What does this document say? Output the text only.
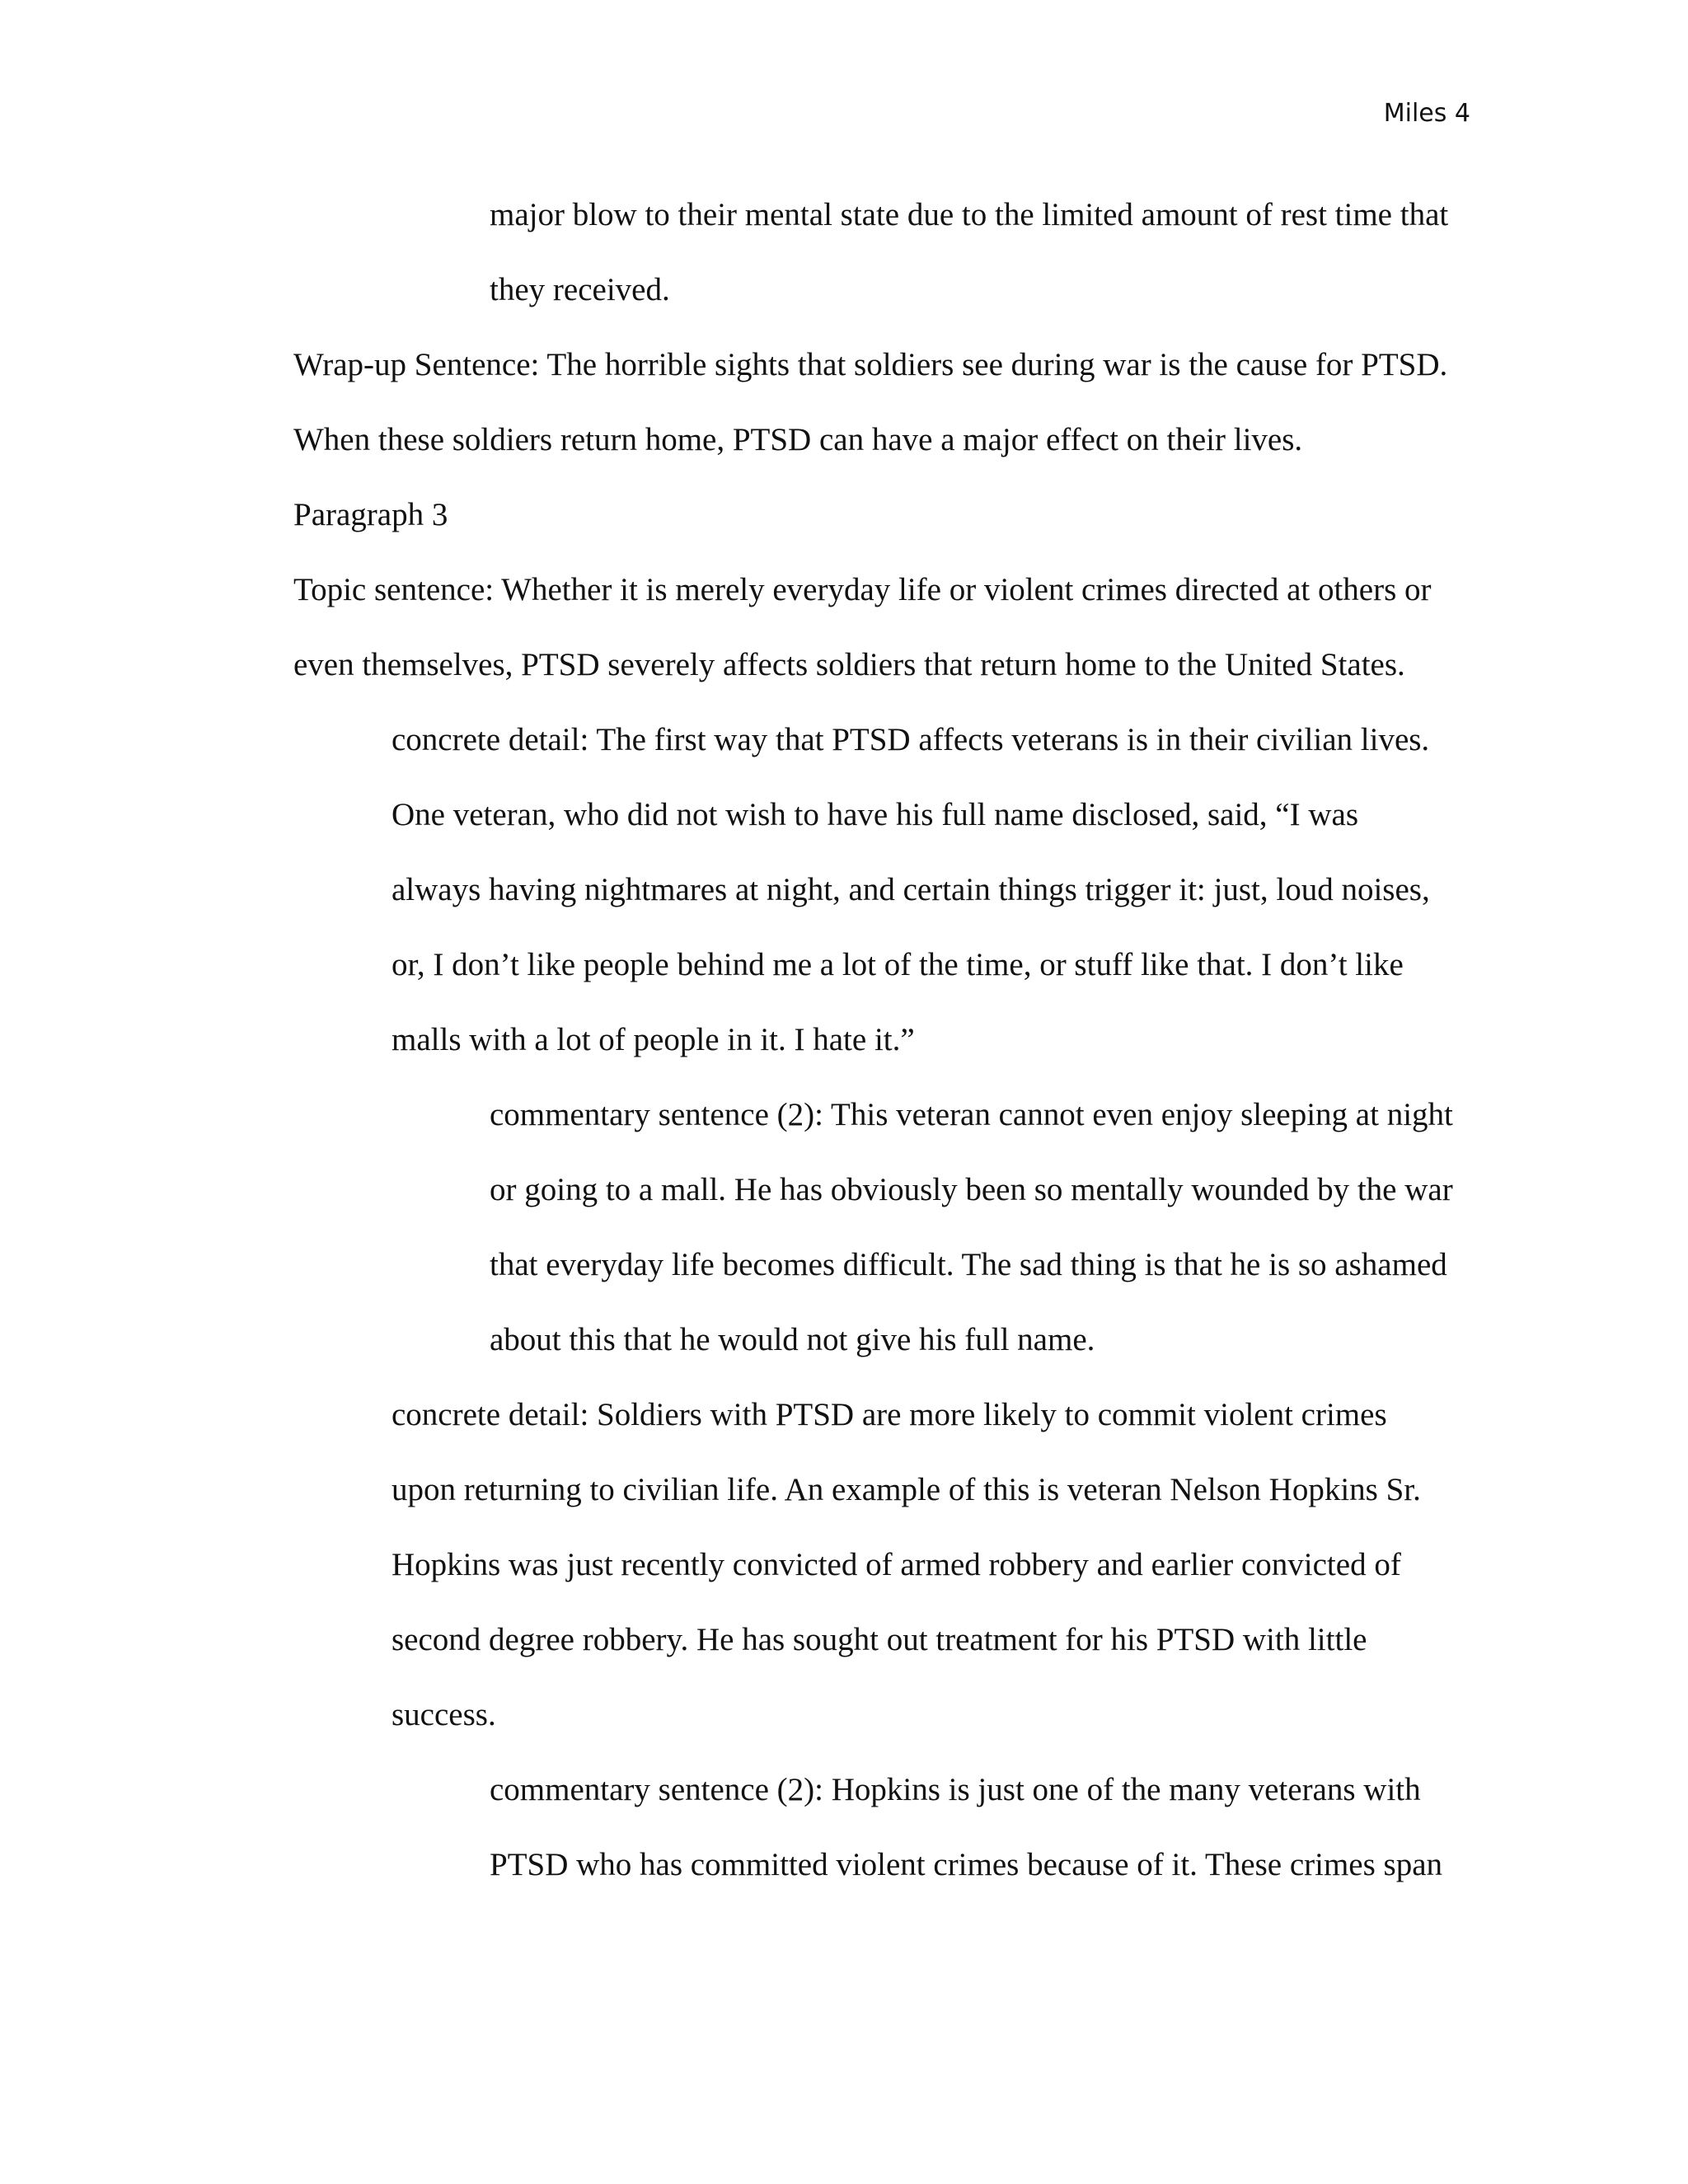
Miles 4
major blow to their mental state due to the limited amount of rest time that
they received.
Wrap-up Sentence: The horrible sights that soldiers see during war is the cause for PTSD.
When these soldiers return home, PTSD can have a major effect on their lives.
Paragraph 3
Topic sentence: Whether it is merely everyday life or violent crimes directed at others or
even themselves, PTSD severely affects soldiers that return home to the United States.
concrete detail: The first way that PTSD affects veterans is in their civilian lives.
One veteran, who did not wish to have his full name disclosed, said, “I was
always having nightmares at night, and certain things trigger it: just, loud noises,
or, I don’t like people behind me a lot of the time, or stuff like that. I don’t like
malls with a lot of people in it. I hate it.”
commentary sentence (2): This veteran cannot even enjoy sleeping at night
or going to a mall. He has obviously been so mentally wounded by the war
that everyday life becomes difficult. The sad thing is that he is so ashamed
about this that he would not give his full name.
concrete detail: Soldiers with PTSD are more likely to commit violent crimes
upon returning to civilian life. An example of this is veteran Nelson Hopkins Sr.
Hopkins was just recently convicted of armed robbery and earlier convicted of
second degree robbery. He has sought out treatment for his PTSD with little
success.
commentary sentence (2): Hopkins is just one of the many veterans with
PTSD who has committed violent crimes because of it. These crimes span
